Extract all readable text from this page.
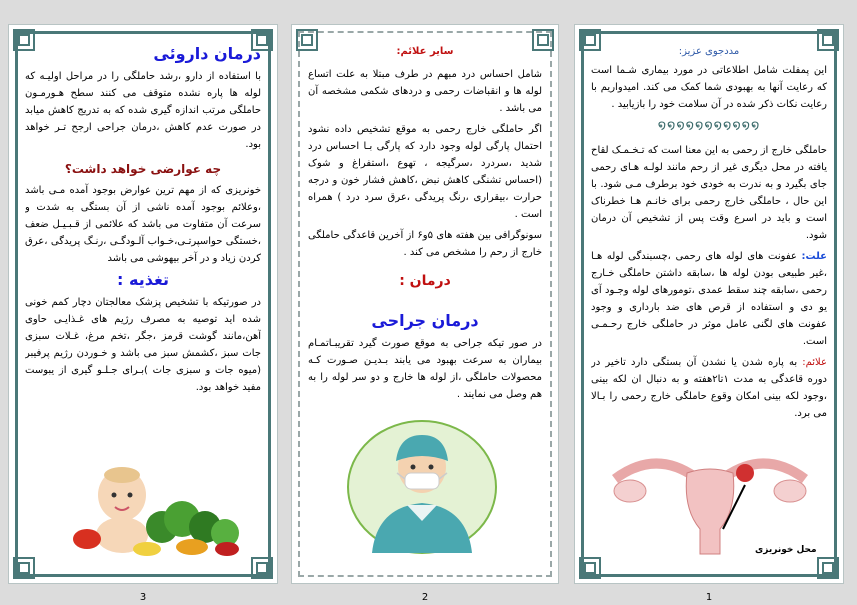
درمان داروئی

با استفاده از دارو ،رشد حاملگی را در مراحل اولیـه که لوله ها پاره نشده متوقف می کنند سطح هـورمـون حاملگی مرتب اندازه گیری شده که به تدریج کاهش میابد در صورت عدم کاهش ،درمان جراحی ارجح تـر خواهد بود.

چه عوارضی خواهد داشت؟

خونریزی که از مهم ترین عوارض بوجود آمده مـی باشد ،وعلائم بوجود آمده ناشی از آن بستگی به شدت و سرعت آن متفاوت می باشد که علائمی از قـبـیـل ضعف ،خستگی حواسپرتـی،خـواب آلـودگـی ،رنـگ پریدگی ،عرق کردن زیاد و در آخر بیهوشی می باشد

تغذیه :

در صورتیکه با تشخیص پزشک معالجتان دچار کمم خونی شده اید توصیه به مصرف رژیم های غـذایـی حاوی آهن،مانند گوشت قرمز ،جگر ،تخم مرغ، غـلات سبزی جات سبز ،کشمش سبز می باشد و خـوردن رژیم پرفیبر (میوه جات و سبزی جات )بـرای جـلـو گیری از یبوست مفید خواهد بود.

3
سایر علائم:

شامل احساس درد مبهم در طرف مبتلا به علت اتساع لوله ها و انقباضات رحمی و دردهای شکمی مشخصه آن می باشد .

اگر حاملگی خارج رحمی به موقع تشخیص داده نشود احتمال پارگی لوله وجود دارد که پارگی بـا احساس درد شدید ،سردرد ،سرگیجه ، تهوع ،استفراغ و شوک (احساس تشنگی کاهش نبض ،کاهش فشار خون و درجه حرارت ،بیقراری ،رنگ پریدگی ،عرق سرد درد ) همراه است .

سونوگرافی بین هفته های ۵و۶ از آخرین قاعدگی حاملگی خارج از رحم را مشخص می کند .

درمان :
درمان جراحی

در صور تیکه جراحی به موقع صورت گیرد تقریبـاتمـام بیماران به سرعت بهبود می یابند بـدیـن صـورت کـه محصولات حاملگی ،از لوله ها خارج و دو سر لوله را به هم وصل می نمایند .

2
مددجوی عزیز:

این پمفلت شامل اطلاعاتی در مورد بیماری شـما است که رعایت آنها به بهبودی شما کمک می کند. امیدواریم با رعایت نکات ذکر شده در آن سلامت خود را بازیابید .

໑໑໑໑໑໑໑໑໑໑໑

حاملگی خارج از رحمی به این معنا است که تـخـمـک لقاح یافته در محل دیگری غیر از رحم مانند لولـه هـای رحمی جای بگیرد و به ندرت به خودی خود برطرف مـی شود. با این حال ، حاملگی خارج رحمی برای خانـم هـا خطرناک است و باید در اسرع وقت پس از تشخیص آن درمان شود.

علت: عفونت های لوله های رحمی ،چسبندگی لوله هـا ،غیر طبیعی بودن لوله ها ،سابقه داشتن حاملگی خـارج رحمی ،سابقه چند سقط عمدی ،تومورهای لوله وجـود آی یو دی و استفاده از قرص های ضد بارداری و وجود عفونت های لگنی عامل موثر در حاملگی خارج رحـمـی است.

علائم: به پاره شدن یا نشدن آن بستگی دارد تاخیر در دوره قاعدگی به مدت ۱تا۲هفته و به دنبال ان لکه بینی ،وجود لکه بینی امکان وقوع حاملگی خارج رحمی را بـالا می برد.

محل خونریزی
1
